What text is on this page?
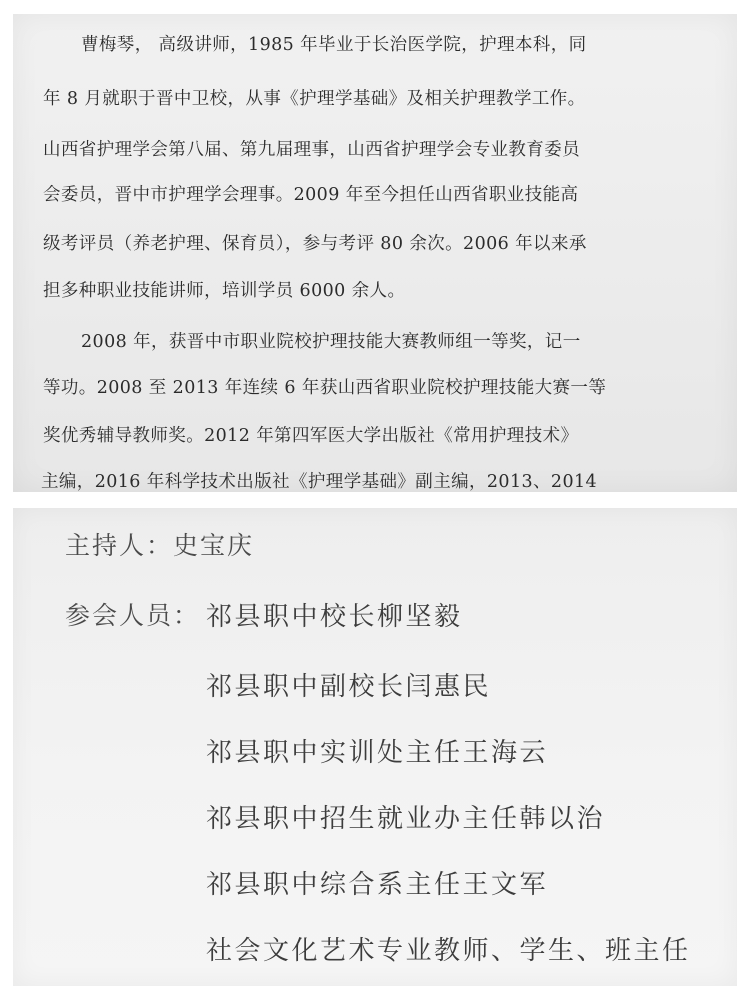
曹梅琴， 高级讲师，1985 年毕业于长治医学院，护理本科，同
年 8 月就职于晋中卫校，从事《护理学基础》及相关护理教学工作。
山西省护理学会第八届、第九届理事，山西省护理学会专业教育委员
会委员，晋中市护理学会理事。2009 年至今担任山西省职业技能高
级考评员（养老护理、保育员），参与考评 80 余次。2006 年以来承
担多种职业技能讲师，培训学员 6000 余人。
2008 年，获晋中市职业院校护理技能大赛教师组一等奖，记一
等功。2008 至 2013 年连续 6 年获山西省职业院校护理技能大赛一等
奖优秀辅导教师奖。2012 年第四军医大学出版社《常用护理技术》
主编，2016 年科学技术出版社《护理学基础》副主编，2013、2014
主持人：史宝庆
参会人员： 祁县职中校长柳坚毅
祁县职中副校长闫惠民
祁县职中实训处主任王海云
祁县职中招生就业办主任韩以治
祁县职中综合系主任王文军
社会文化艺术专业教师、学生、班主任
